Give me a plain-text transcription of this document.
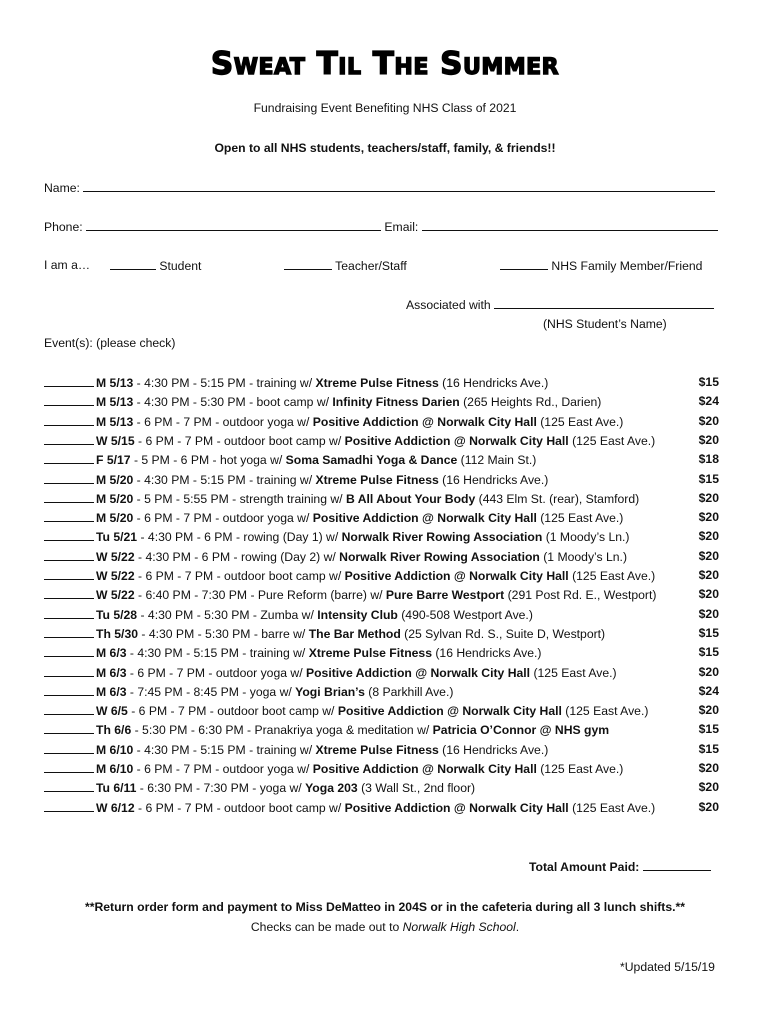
Sweat Til The Summer
Fundraising Event Benefiting NHS Class of 2021
Open to all NHS students, teachers/staff, family, & friends!!
Name:
Phone:	Email:
I am a…	Student	Teacher/Staff	NHS Family Member/Friend
Associated with
(NHS Student’s Name)
Event(s): (please check)
M 5/13 - 4:30 PM - 5:15 PM - training w/ Xtreme Pulse Fitness (16 Hendricks Ave.)	$15
M 5/13 - 4:30 PM - 5:30 PM - boot camp w/ Infinity Fitness Darien (265 Heights Rd., Darien)	$24
M 5/13 - 6 PM - 7 PM - outdoor yoga w/ Positive Addiction @ Norwalk City Hall (125 East Ave.)	$20
W 5/15 - 6 PM - 7 PM - outdoor boot camp w/ Positive Addiction @ Norwalk City Hall (125 East Ave.)	$20
F 5/17 - 5 PM - 6 PM - hot yoga w/ Soma Samadhi Yoga & Dance (112 Main St.)	$18
M 5/20 - 4:30 PM - 5:15 PM - training w/ Xtreme Pulse Fitness (16 Hendricks Ave.)	$15
M 5/20 - 5 PM - 5:55 PM - strength training w/ B All About Your Body (443 Elm St. (rear), Stamford)	$20
M 5/20 - 6 PM - 7 PM - outdoor yoga w/ Positive Addiction @ Norwalk City Hall (125 East Ave.)	$20
Tu 5/21 - 4:30 PM - 6 PM - rowing (Day 1) w/ Norwalk River Rowing Association (1 Moody’s Ln.)	$20
W 5/22 - 4:30 PM - 6 PM - rowing (Day 2) w/ Norwalk River Rowing Association (1 Moody’s Ln.)	$20
W 5/22 - 6 PM - 7 PM - outdoor boot camp w/ Positive Addiction @ Norwalk City Hall (125 East Ave.)	$20
W 5/22 - 6:40 PM - 7:30 PM - Pure Reform (barre) w/ Pure Barre Westport (291 Post Rd. E., Westport)	$20
Tu 5/28 - 4:30 PM - 5:30 PM - Zumba w/ Intensity Club (490-508 Westport Ave.)	$20
Th 5/30 - 4:30 PM - 5:30 PM - barre w/ The Bar Method (25 Sylvan Rd. S., Suite D, Westport)	$15
M 6/3 - 4:30 PM - 5:15 PM - training w/ Xtreme Pulse Fitness (16 Hendricks Ave.)	$15
M 6/3 - 6 PM - 7 PM - outdoor yoga w/ Positive Addiction @ Norwalk City Hall (125 East Ave.)	$20
M 6/3 - 7:45 PM - 8:45 PM - yoga w/ Yogi Brian’s (8 Parkhill Ave.)	$24
W 6/5 - 6 PM - 7 PM - outdoor boot camp w/ Positive Addiction @ Norwalk City Hall (125 East Ave.)	$20
Th 6/6 - 5:30 PM - 6:30 PM - Pranakriya yoga & meditation w/ Patricia O’Connor @ NHS gym	$15
M 6/10 - 4:30 PM - 5:15 PM - training w/ Xtreme Pulse Fitness (16 Hendricks Ave.)	$15
M 6/10 - 6 PM - 7 PM - outdoor yoga w/ Positive Addiction @ Norwalk City Hall (125 East Ave.)	$20
Tu 6/11 - 6:30 PM - 7:30 PM - yoga w/ Yoga 203 (3 Wall St., 2nd floor)	$20
W 6/12 - 6 PM - 7 PM - outdoor boot camp w/ Positive Addiction @ Norwalk City Hall (125 East Ave.)	$20
Total Amount Paid:
**Return order form and payment to Miss DeMatteo in 204S or in the cafeteria during all 3 lunch shifts.**
Checks can be made out to Norwalk High School.
*Updated 5/15/19
